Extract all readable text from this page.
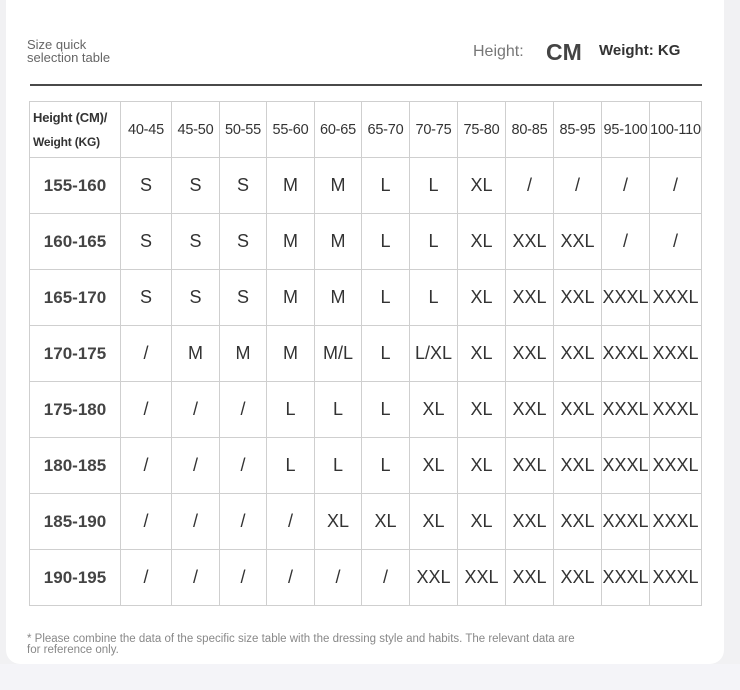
Size quick selection table	Height: CM Weight: KG
Height (CM)/
Weight (KG)	40-45	45-50	50-55	55-60	60-65	65-70	70-75	75-80	80-85	85-95	95-100	100-110
155-160	S	S	S	M	M	L	L	XL	/	/	/	/
160-165	S	S	S	M	M	L	L	XL	XXL	XXL	/	/
165-170	S	S	S	M	M	L	L	XL	XXL	XXL	XXXL	XXXL
170-175	/	M	M	M	M/L	L	L/XL	XL	XXL	XXL	XXXL	XXXL
175-180	/	/	/	L	L	L	XL	XL	XXL	XXL	XXXL	XXXL
180-185	/	/	/	L	L	L	XL	XL	XXL	XXL	XXXL	XXXL
185-190	/	/	/	/	XL	XL	XL	XL	XXL	XXL	XXXL	XXXL
190-195	/	/	/	/	/	/	XXL	XXL	XXL	XXL	XXXL	XXXL
* Please combine the data of the specific size table with the dressing style and habits. The relevant data are for reference only.
